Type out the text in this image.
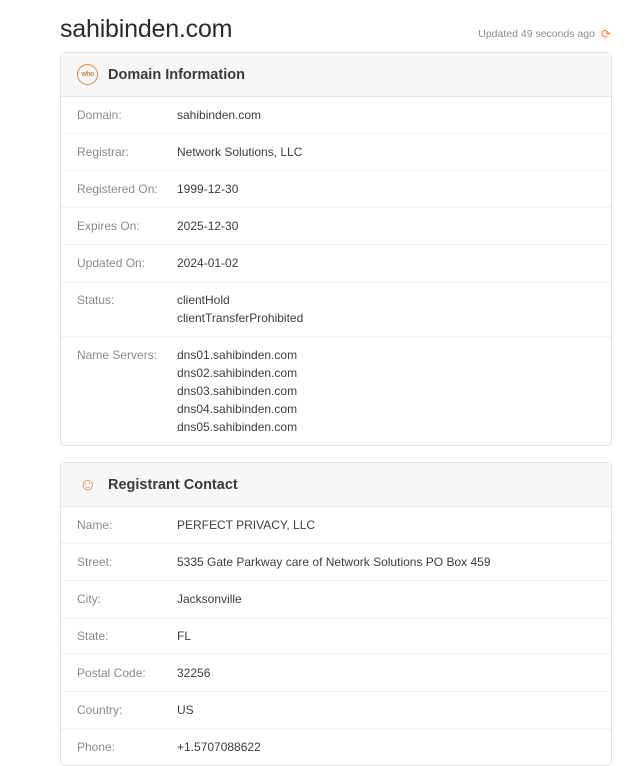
sahibinden.com	Updated 49 seconds ago ⟳
who Domain Information
Domain:	sahibinden.com
Registrar:	Network Solutions, LLC
Registered On:	1999-12-30
Expires On:	2025-12-30
Updated On:	2024-01-02
Status:	clientHold
clientTransferProhibited
Name Servers:	dns01.sahibinden.com
dns02.sahibinden.com
dns03.sahibinden.com
dns04.sahibinden.com
dns05.sahibinden.com
☺ Registrant Contact
Name:	PERFECT PRIVACY, LLC
Street:	5335 Gate Parkway care of Network Solutions PO Box 459
City:	Jacksonville
State:	FL
Postal Code:	32256
Country:	US
Phone:	+1.5707088622
